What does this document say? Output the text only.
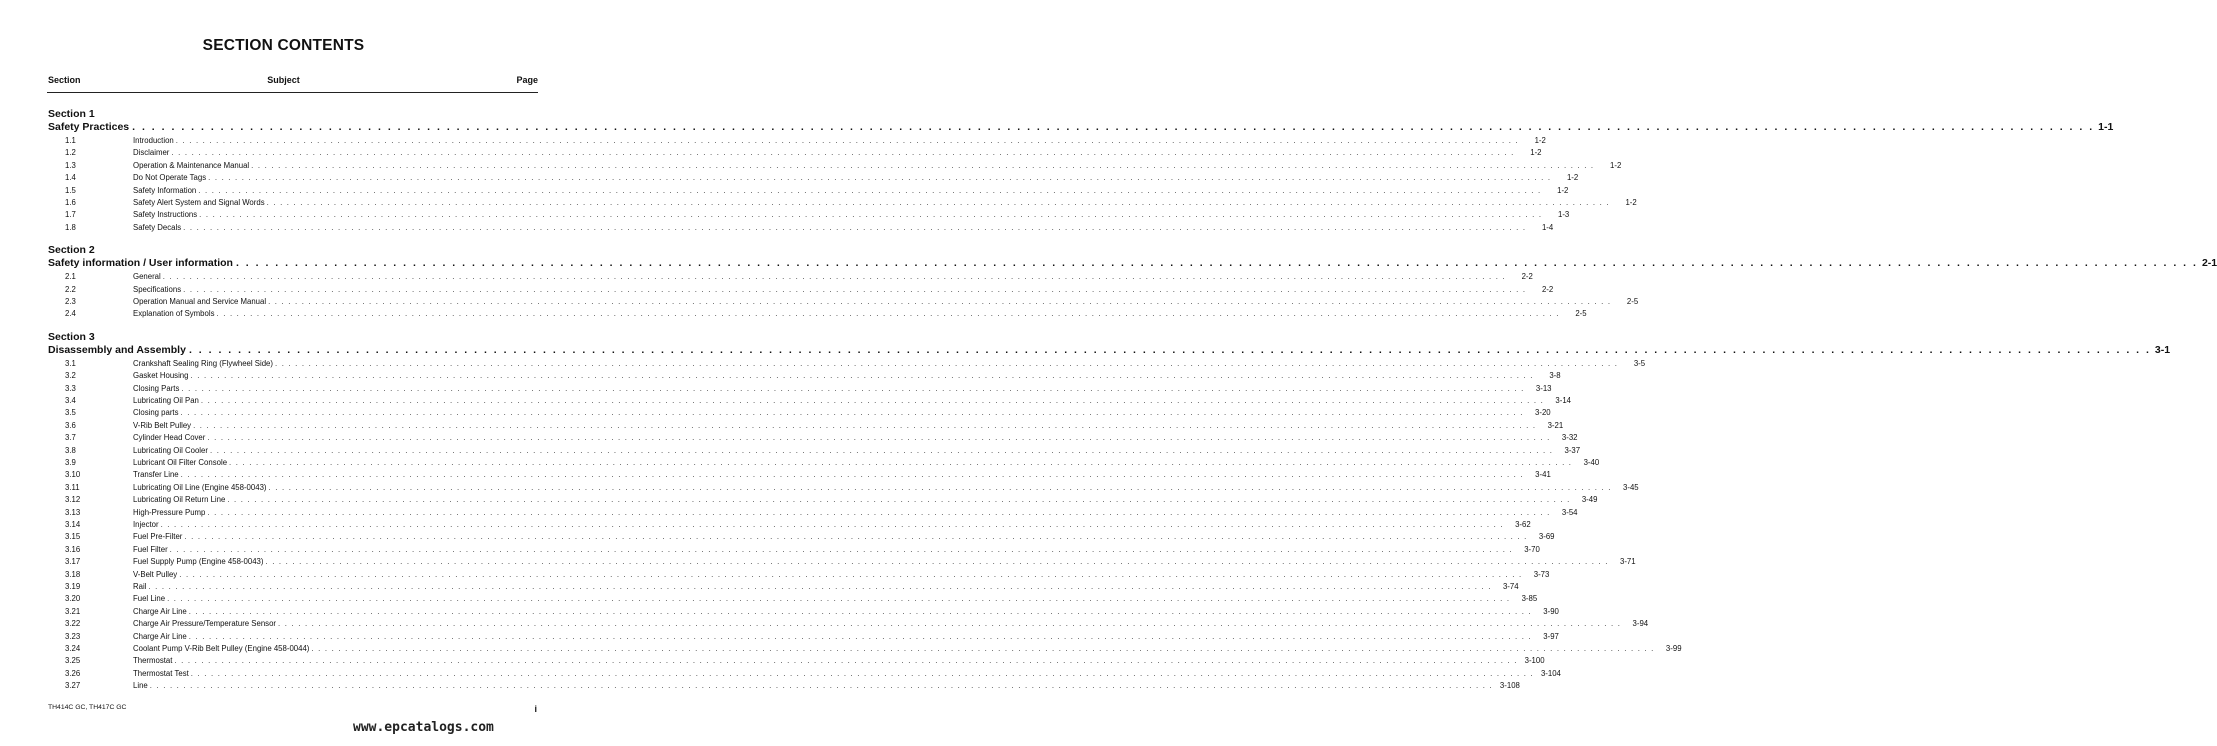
SECTION CONTENTS
Section	Subject	Page
Section 1
Safety Practices . . . . . . . . . . . . . . . . . . . . . . . . . . . . . . . . . . . . . . . . . . . . . . . . . . . . . . . . . . . . . . . . . . . . . . . . . . . . . . . . . . . . . . . . . . . . . . . . . . . . . . . . . . . . . . . . . . . . . . . . . . . . . . . . . . . . . . . . . . . . . . . . . . . . . . . . . . . . . . . . . . . . . . . . . . . . . . . . . . . . . . . . . . . . . . . . . . . . . . . . 1-1
1.1	Introduction . . . . . . . . . . . . . . . . . . . . . . . . . . . . . . . . . . . . . . . . . . . . . . . . . . . . . . . . . . . . . . . . . . . . . . . . . . . . . . . . . . . . . . . . . . . . . . . . . . . . . . . . . . . . . . . . . . . . . . . . . . . . . . . . . . . . . . . . . . . . . . . . . . . . . . . . . . . . . . . . . . . . . . . . . . . . . . . . . . . . . . . . . . . . . . . . . . . . . . . .	1-2
1.2	Disclaimer . . . . . . . . . . . . . . . . . . . . . . . . . . . . . . . . . . . . . . . . . . . . . . . . . . . . . . . . . . . . . . . . . . . . . . . . . . . . . . . . . . . . . . . . . . . . . . . . . . . . . . . . . . . . . . . . . . . . . . . . . . . . . . . . . . . . . . . . . . . . . . . . . . . . . . . . . . . . . . . . . . . . . . . . . . . . . . . . . . . . . . . . . . . . . . . . . . . . . . . .	1-2
1.3	Operation & Maintenance Manual . . . . . . . . . . . . . . . . . . . . . . . . . . . . . . . . . . . . . . . . . . . . . . . . . . . . . . . . . . . . . . . . . . . . . . . . . . . . . . . . . . . . . . . . . . . . . . . . . . . . . . . . . . . . . . . . . . . . . . . . . . . . . . . . . . . . . . . . . . . . . . . . . . . . . . . . . . . . . . . . . . . . . . . . . . . . . . . . . . . . . . . . . . . . . . . . . . . . . . . .	1-2
1.4	Do Not Operate Tags . . . . . . . . . . . . . . . . . . . . . . . . . . . . . . . . . . . . . . . . . . . . . . . . . . . . . . . . . . . . . . . . . . . . . . . . . . . . . . . . . . . . . . . . . . . . . . . . . . . . . . . . . . . . . . . . . . . . . . . . . . . . . . . . . . . . . . . . . . . . . . . . . . . . . . . . . . . . . . . . . . . . . . . . . . . . . . . . . . . . . . . . . . . . . . . . . . . . . . . .	1-2
1.5	Safety Information . . . . . . . . . . . . . . . . . . . . . . . . . . . . . . . . . . . . . . . . . . . . . . . . . . . . . . . . . . . . . . . . . . . . . . . . . . . . . . . . . . . . . . . . . . . . . . . . . . . . . . . . . . . . . . . . . . . . . . . . . . . . . . . . . . . . . . . . . . . . . . . . . . . . . . . . . . . . . . . . . . . . . . . . . . . . . . . . . . . . . . . . . . . . . . . . . . . . . . . .	1-2
1.6	Safety Alert System and Signal Words . . . . . . . . . . . . . . . . . . . . . . . . . . . . . . . . . . . . . . . . . . . . . . . . . . . . . . . . . . . . . . . . . . . . . . . . . . . . . . . . . . . . . . . . . . . . . . . . . . . . . . . . . . . . . . . . . . . . . . . . . . . . . . . . . . . . . . . . . . . . . . . . . . . . . . . . . . . . . . . . . . . . . . . . . . . . . . . . . . . . . . . . . . . . . . . . . . . . . . . .	1-2
1.7	Safety Instructions . . . . . . . . . . . . . . . . . . . . . . . . . . . . . . . . . . . . . . . . . . . . . . . . . . . . . . . . . . . . . . . . . . . . . . . . . . . . . . . . . . . . . . . . . . . . . . . . . . . . . . . . . . . . . . . . . . . . . . . . . . . . . . . . . . . . . . . . . . . . . . . . . . . . . . . . . . . . . . . . . . . . . . . . . . . . . . . . . . . . . . . . . . . . . . . . . . . . . . . .	1-3
1.8	Safety Decals . . . . . . . . . . . . . . . . . . . . . . . . . . . . . . . . . . . . . . . . . . . . . . . . . . . . . . . . . . . . . . . . . . . . . . . . . . . . . . . . . . . . . . . . . . . . . . . . . . . . . . . . . . . . . . . . . . . . . . . . . . . . . . . . . . . . . . . . . . . . . . . . . . . . . . . . . . . . . . . . . . . . . . . . . . . . . . . . . . . . . . . . . . . . . . . . . . . . . . . .	1-4
Section 2
Safety information / User information . . . . . . . . . . . . . . . . . . . . . . . . . . . . . . . . . . . . . . . . . . . . . . . . . . . . . . . . . . . . . . . . . . . . . . . . . . . . . . . . . . . . . . . . . . . . . . . . . . . . . . . . . . . . . . . . . . . . . . . . . . . . . . . . . . . . . . . . . . . . . . . . . . . . . . . . . . . . . . . . . . . . . . . . . . . . . . . . . . . . . . . . . . . . . . . . . . . . . . . . 2-1
2.1	General . . . . . . . . . . . . . . . . . . . . . . . . . . . . . . . . . . . . . . . . . . . . . . . . . . . . . . . . . . . . . . . . . . . . . . . . . . . . . . . . . . . . . . . . . . . . . . . . . . . . . . . . . . . . . . . . . . . . . . . . . . . . . . . . . . . . . . . . . . . . . . . . . . . . . . . . . . . . . . . . . . . . . . . . . . . . . . . . . . . . . . . . . . . . . . . . . . . . . . . .	2-2
2.2	Specifications . . . . . . . . . . . . . . . . . . . . . . . . . . . . . . . . . . . . . . . . . . . . . . . . . . . . . . . . . . . . . . . . . . . . . . . . . . . . . . . . . . . . . . . . . . . . . . . . . . . . . . . . . . . . . . . . . . . . . . . . . . . . . . . . . . . . . . . . . . . . . . . . . . . . . . . . . . . . . . . . . . . . . . . . . . . . . . . . . . . . . . . . . . . . . . . . . . . . . . . .	2-2
2.3	Operation Manual and Service Manual . . . . . . . . . . . . . . . . . . . . . . . . . . . . . . . . . . . . . . . . . . . . . . . . . . . . . . . . . . . . . . . . . . . . . . . . . . . . . . . . . . . . . . . . . . . . . . . . . . . . . . . . . . . . . . . . . . . . . . . . . . . . . . . . . . . . . . . . . . . . . . . . . . . . . . . . . . . . . . . . . . . . . . . . . . . . . . . . . . . . . . . . . . . . . . . . . . . . . . . .	2-5
2.4	Explanation of Symbols . . . . . . . . . . . . . . . . . . . . . . . . . . . . . . . . . . . . . . . . . . . . . . . . . . . . . . . . . . . . . . . . . . . . . . . . . . . . . . . . . . . . . . . . . . . . . . . . . . . . . . . . . . . . . . . . . . . . . . . . . . . . . . . . . . . . . . . . . . . . . . . . . . . . . . . . . . . . . . . . . . . . . . . . . . . . . . . . . . . . . . . . . . . . . . . . . . . . . . . .	2-5
Section 3
Disassembly and Assembly . . . . . . . . . . . . . . . . . . . . . . . . . . . . . . . . . . . . . . . . . . . . . . . . . . . . . . . . . . . . . . . . . . . . . . . . . . . . . . . . . . . . . . . . . . . . . . . . . . . . . . . . . . . . . . . . . . . . . . . . . . . . . . . . . . . . . . . . . . . . . . . . . . . . . . . . . . . . . . . . . . . . . . . . . . . . . . . . . . . . . . . . . . . . . . . . . . . . . . . . 3-1
3.1	Crankshaft Sealing Ring (Flywheel Side) . . . . . . . . . . . . . . . . . . . . . . . . . . . . . . . . . . . . . . . . . . . . . . . . . . . . . . . . . . . . . . . . . . . . . . . . . . . . . . . . . . . . . . . . . . . . . . . . . . . . . . . . . . . . . . . . . . . . . . . . . . . . . . . . . . . . . . . . . . . . . . . . . . . . . . . . . . . . . . . . . . . . . . . . . . . . . . . . . . . . . . . . . . . . . . . . . . . . . . . .	3-5
3.2	Gasket Housing . . . . . . . . . . . . . . . . . . . . . . . . . . . . . . . . . . . . . . . . . . . . . . . . . . . . . . . . . . . . . . . . . . . . . . . . . . . . . . . . . . . . . . . . . . . . . . . . . . . . . . . . . . . . . . . . . . . . . . . . . . . . . . . . . . . . . . . . . . . . . . . . . . . . . . . . . . . . . . . . . . . . . . . . . . . . . . . . . . . . . . . . . . . . . . . . . . . . . . . .	3-8
3.3	Closing Parts . . . . . . . . . . . . . . . . . . . . . . . . . . . . . . . . . . . . . . . . . . . . . . . . . . . . . . . . . . . . . . . . . . . . . . . . . . . . . . . . . . . . . . . . . . . . . . . . . . . . . . . . . . . . . . . . . . . . . . . . . . . . . . . . . . . . . . . . . . . . . . . . . . . . . . . . . . . . . . . . . . . . . . . . . . . . . . . . . . . . . . . . . . . . . . . . . . . . . . . .	3-13
3.4	Lubricating Oil Pan . . . . . . . . . . . . . . . . . . . . . . . . . . . . . . . . . . . . . . . . . . . . . . . . . . . . . . . . . . . . . . . . . . . . . . . . . . . . . . . . . . . . . . . . . . . . . . . . . . . . . . . . . . . . . . . . . . . . . . . . . . . . . . . . . . . . . . . . . . . . . . . . . . . . . . . . . . . . . . . . . . . . . . . . . . . . . . . . . . . . . . . . . . . . . . . . . . . . . . . .	3-14
3.5	Closing parts . . . . . . . . . . . . . . . . . . . . . . . . . . . . . . . . . . . . . . . . . . . . . . . . . . . . . . . . . . . . . . . . . . . . . . . . . . . . . . . . . . . . . . . . . . . . . . . . . . . . . . . . . . . . . . . . . . . . . . . . . . . . . . . . . . . . . . . . . . . . . . . . . . . . . . . . . . . . . . . . . . . . . . . . . . . . . . . . . . . . . . . . . . . . . . . . . . . . . . . .	3-20
3.6	V-Rib Belt Pulley . . . . . . . . . . . . . . . . . . . . . . . . . . . . . . . . . . . . . . . . . . . . . . . . . . . . . . . . . . . . . . . . . . . . . . . . . . . . . . . . . . . . . . . . . . . . . . . . . . . . . . . . . . . . . . . . . . . . . . . . . . . . . . . . . . . . . . . . . . . . . . . . . . . . . . . . . . . . . . . . . . . . . . . . . . . . . . . . . . . . . . . . . . . . . . . . . . . . . . . .	3-21
3.7	Cylinder Head Cover . . . . . . . . . . . . . . . . . . . . . . . . . . . . . . . . . . . . . . . . . . . . . . . . . . . . . . . . . . . . . . . . . . . . . . . . . . . . . . . . . . . . . . . . . . . . . . . . . . . . . . . . . . . . . . . . . . . . . . . . . . . . . . . . . . . . . . . . . . . . . . . . . . . . . . . . . . . . . . . . . . . . . . . . . . . . . . . . . . . . . . . . . . . . . . . . . . . . . . . .	3-32
3.8	Lubricating Oil Cooler . . . . . . . . . . . . . . . . . . . . . . . . . . . . . . . . . . . . . . . . . . . . . . . . . . . . . . . . . . . . . . . . . . . . . . . . . . . . . . . . . . . . . . . . . . . . . . . . . . . . . . . . . . . . . . . . . . . . . . . . . . . . . . . . . . . . . . . . . . . . . . . . . . . . . . . . . . . . . . . . . . . . . . . . . . . . . . . . . . . . . . . . . . . . . . . . . . . . . . . .	3-37
3.9	Lubricant Oil Filter Console . . . . . . . . . . . . . . . . . . . . . . . . . . . . . . . . . . . . . . . . . . . . . . . . . . . . . . . . . . . . . . . . . . . . . . . . . . . . . . . . . . . . . . . . . . . . . . . . . . . . . . . . . . . . . . . . . . . . . . . . . . . . . . . . . . . . . . . . . . . . . . . . . . . . . . . . . . . . . . . . . . . . . . . . . . . . . . . . . . . . . . . . . . . . . . . . . . . . . . . .	3-40
3.10	Transfer Line . . . . . . . . . . . . . . . . . . . . . . . . . . . . . . . . . . . . . . . . . . . . . . . . . . . . . . . . . . . . . . . . . . . . . . . . . . . . . . . . . . . . . . . . . . . . . . . . . . . . . . . . . . . . . . . . . . . . . . . . . . . . . . . . . . . . . . . . . . . . . . . . . . . . . . . . . . . . . . . . . . . . . . . . . . . . . . . . . . . . . . . . . . . . . . . . . . . . . . . .	3-41
3.11	Lubricating Oil Line (Engine 458-0043) . . . . . . . . . . . . . . . . . . . . . . . . . . . . . . . . . . . . . . . . . . . . . . . . . . . . . . . . . . . . . . . . . . . . . . . . . . . . . . . . . . . . . . . . . . . . . . . . . . . . . . . . . . . . . . . . . . . . . . . . . . . . . . . . . . . . . . . . . . . . . . . . . . . . . . . . . . . . . . . . . . . . . . . . . . . . . . . . . . . . . . . . . . . . . . . . . . . . . . . .	3-45
3.12	Lubricating Oil Return Line . . . . . . . . . . . . . . . . . . . . . . . . . . . . . . . . . . . . . . . . . . . . . . . . . . . . . . . . . . . . . . . . . . . . . . . . . . . . . . . . . . . . . . . . . . . . . . . . . . . . . . . . . . . . . . . . . . . . . . . . . . . . . . . . . . . . . . . . . . . . . . . . . . . . . . . . . . . . . . . . . . . . . . . . . . . . . . . . . . . . . . . . . . . . . . . . . . . . . . . .	3-49
3.13	High-Pressure Pump . . . . . . . . . . . . . . . . . . . . . . . . . . . . . . . . . . . . . . . . . . . . . . . . . . . . . . . . . . . . . . . . . . . . . . . . . . . . . . . . . . . . . . . . . . . . . . . . . . . . . . . . . . . . . . . . . . . . . . . . . . . . . . . . . . . . . . . . . . . . . . . . . . . . . . . . . . . . . . . . . . . . . . . . . . . . . . . . . . . . . . . . . . . . . . . . . . . . . . . .	3-54
3.14	Injector . . . . . . . . . . . . . . . . . . . . . . . . . . . . . . . . . . . . . . . . . . . . . . . . . . . . . . . . . . . . . . . . . . . . . . . . . . . . . . . . . . . . . . . . . . . . . . . . . . . . . . . . . . . . . . . . . . . . . . . . . . . . . . . . . . . . . . . . . . . . . . . . . . . . . . . . . . . . . . . . . . . . . . . . . . . . . . . . . . . . . . . . . . . . . . . . . . . . . . . .	3-62
3.15	Fuel Pre-Filter . . . . . . . . . . . . . . . . . . . . . . . . . . . . . . . . . . . . . . . . . . . . . . . . . . . . . . . . . . . . . . . . . . . . . . . . . . . . . . . . . . . . . . . . . . . . . . . . . . . . . . . . . . . . . . . . . . . . . . . . . . . . . . . . . . . . . . . . . . . . . . . . . . . . . . . . . . . . . . . . . . . . . . . . . . . . . . . . . . . . . . . . . . . . . . . . . . . . . . . .	3-69
3.16	Fuel Filter . . . . . . . . . . . . . . . . . . . . . . . . . . . . . . . . . . . . . . . . . . . . . . . . . . . . . . . . . . . . . . . . . . . . . . . . . . . . . . . . . . . . . . . . . . . . . . . . . . . . . . . . . . . . . . . . . . . . . . . . . . . . . . . . . . . . . . . . . . . . . . . . . . . . . . . . . . . . . . . . . . . . . . . . . . . . . . . . . . . . . . . . . . . . . . . . . . . . . . . .	3-70
3.17	Fuel Supply Pump (Engine 458-0043) . . . . . . . . . . . . . . . . . . . . . . . . . . . . . . . . . . . . . . . . . . . . . . . . . . . . . . . . . . . . . . . . . . . . . . . . . . . . . . . . . . . . . . . . . . . . . . . . . . . . . . . . . . . . . . . . . . . . . . . . . . . . . . . . . . . . . . . . . . . . . . . . . . . . . . . . . . . . . . . . . . . . . . . . . . . . . . . . . . . . . . . . . . . . . . . . . . . . . . . .	3-71
3.18	V-Belt Pulley . . . . . . . . . . . . . . . . . . . . . . . . . . . . . . . . . . . . . . . . . . . . . . . . . . . . . . . . . . . . . . . . . . . . . . . . . . . . . . . . . . . . . . . . . . . . . . . . . . . . . . . . . . . . . . . . . . . . . . . . . . . . . . . . . . . . . . . . . . . . . . . . . . . . . . . . . . . . . . . . . . . . . . . . . . . . . . . . . . . . . . . . . . . . . . . . . . . . . . . .	3-73
3.19	Rail . . . . . . . . . . . . . . . . . . . . . . . . . . . . . . . . . . . . . . . . . . . . . . . . . . . . . . . . . . . . . . . . . . . . . . . . . . . . . . . . . . . . . . . . . . . . . . . . . . . . . . . . . . . . . . . . . . . . . . . . . . . . . . . . . . . . . . . . . . . . . . . . . . . . . . . . . . . . . . . . . . . . . . . . . . . . . . . . . . . . . . . . . . . . . . . . . . . . . . . .	3-74
3.20	Fuel Line . . . . . . . . . . . . . . . . . . . . . . . . . . . . . . . . . . . . . . . . . . . . . . . . . . . . . . . . . . . . . . . . . . . . . . . . . . . . . . . . . . . . . . . . . . . . . . . . . . . . . . . . . . . . . . . . . . . . . . . . . . . . . . . . . . . . . . . . . . . . . . . . . . . . . . . . . . . . . . . . . . . . . . . . . . . . . . . . . . . . . . . . . . . . . . . . . . . . . . . .	3-85
3.21	Charge Air Line . . . . . . . . . . . . . . . . . . . . . . . . . . . . . . . . . . . . . . . . . . . . . . . . . . . . . . . . . . . . . . . . . . . . . . . . . . . . . . . . . . . . . . . . . . . . . . . . . . . . . . . . . . . . . . . . . . . . . . . . . . . . . . . . . . . . . . . . . . . . . . . . . . . . . . . . . . . . . . . . . . . . . . . . . . . . . . . . . . . . . . . . . . . . . . . . . . . . . . . .	3-90
3.22	Charge Air Pressure/Temperature Sensor . . . . . . . . . . . . . . . . . . . . . . . . . . . . . . . . . . . . . . . . . . . . . . . . . . . . . . . . . . . . . . . . . . . . . . . . . . . . . . . . . . . . . . . . . . . . . . . . . . . . . . . . . . . . . . . . . . . . . . . . . . . . . . . . . . . . . . . . . . . . . . . . . . . . . . . . . . . . . . . . . . . . . . . . . . . . . . . . . . . . . . . . . . . . . . . . . . . . . . . .	3-94
3.23	Charge Air Line . . . . . . . . . . . . . . . . . . . . . . . . . . . . . . . . . . . . . . . . . . . . . . . . . . . . . . . . . . . . . . . . . . . . . . . . . . . . . . . . . . . . . . . . . . . . . . . . . . . . . . . . . . . . . . . . . . . . . . . . . . . . . . . . . . . . . . . . . . . . . . . . . . . . . . . . . . . . . . . . . . . . . . . . . . . . . . . . . . . . . . . . . . . . . . . . . . . . . . . .	3-97
3.24	Coolant Pump V-Rib Belt Pulley (Engine 458-0044) . . . . . . . . . . . . . . . . . . . . . . . . . . . . . . . . . . . . . . . . . . . . . . . . . . . . . . . . . . . . . . . . . . . . . . . . . . . . . . . . . . . . . . . . . . . . . . . . . . . . . . . . . . . . . . . . . . . . . . . . . . . . . . . . . . . . . . . . . . . . . . . . . . . . . . . . . . . . . . . . . . . . . . . . . . . . . . . . . . . . . . . . . . . . . . . . . . . . . . . .	3-99
3.25	Thermostat . . . . . . . . . . . . . . . . . . . . . . . . . . . . . . . . . . . . . . . . . . . . . . . . . . . . . . . . . . . . . . . . . . . . . . . . . . . . . . . . . . . . . . . . . . . . . . . . . . . . . . . . . . . . . . . . . . . . . . . . . . . . . . . . . . . . . . . . . . . . . . . . . . . . . . . . . . . . . . . . . . . . . . . . . . . . . . . . . . . . . . . . . . . . . . . . . . . . . . . . 3-100
3.26	Thermostat Test . . . . . . . . . . . . . . . . . . . . . . . . . . . . . . . . . . . . . . . . . . . . . . . . . . . . . . . . . . . . . . . . . . . . . . . . . . . . . . . . . . . . . . . . . . . . . . . . . . . . . . . . . . . . . . . . . . . . . . . . . . . . . . . . . . . . . . . . . . . . . . . . . . . . . . . . . . . . . . . . . . . . . . . . . . . . . . . . . . . . . . . . . . . . . . . . . . . . . . . . 3-104
3.27	Line . . . . . . . . . . . . . . . . . . . . . . . . . . . . . . . . . . . . . . . . . . . . . . . . . . . . . . . . . . . . . . . . . . . . . . . . . . . . . . . . . . . . . . . . . . . . . . . . . . . . . . . . . . . . . . . . . . . . . . . . . . . . . . . . . . . . . . . . . . . . . . . . . . . . . . . . . . . . . . . . . . . . . . . . . . . . . . . . . . . . . . . . . . . . . . . . . . . . . . . . 3-108
TH414C GC, TH417C GC
www.epcatalogs.com
i
